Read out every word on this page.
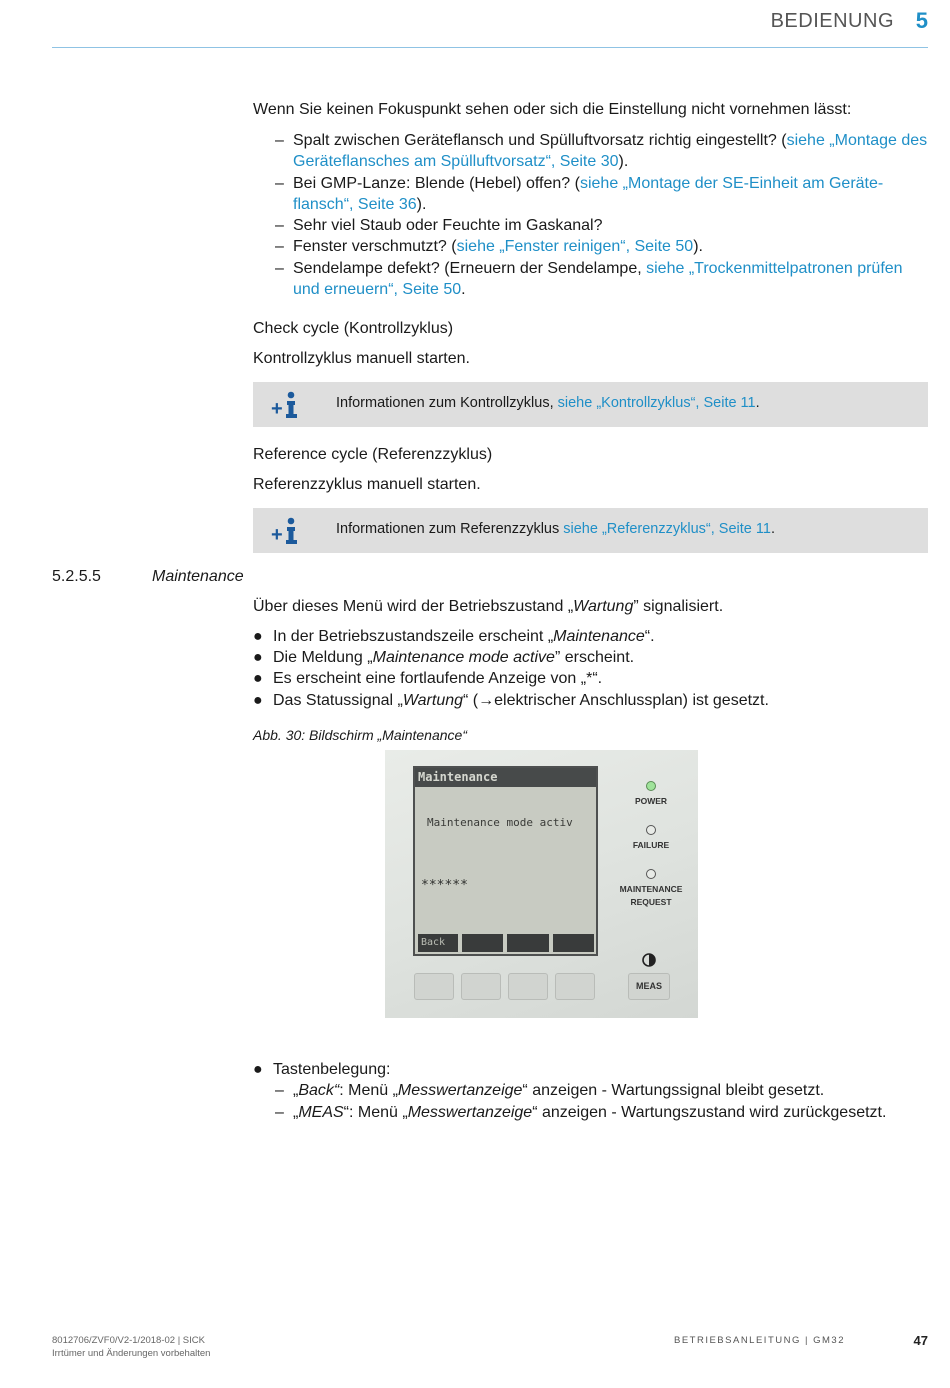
BEDIENUNG 5
Wenn Sie keinen Fokuspunkt sehen oder sich die Einstellung nicht vornehmen lässt:
– Spalt zwischen Geräteflansch und Spülluftvorsatz richtig eingestellt? (siehe „Montage des Geräteflansches am Spülluftvorsatz“, Seite 30).
– Bei GMP-Lanze: Blende (Hebel) offen? (siehe „Montage der SE-Einheit am Geräteflansch“, Seite 36).
– Sehr viel Staub oder Feuchte im Gaskanal?
– Fenster verschmutzt? (siehe „Fenster reinigen“, Seite 50).
– Sendelampe defekt? (Erneuern der Sendelampe, siehe „Trockenmittelpatronen prüfen und erneuern“, Seite 50.
Check cycle (Kontrollzyklus)
Kontrollzyklus manuell starten.
+	Informationen zum Kontrollzyklus, siehe „Kontrollzyklus“, Seite 11.
Reference cycle (Referenzzyklus)
Referenzzyklus manuell starten.
+	Informationen zum Referenzzyklus siehe „Referenzzyklus“, Seite 11.
5.2.5.5	Maintenance
Über dieses Menü wird der Betriebszustand „Wartung” signalisiert.
● In der Betriebszustandszeile erscheint „Maintenance“.
● Die Meldung „Maintenance mode active” erscheint.
● Es erscheint eine fortlaufende Anzeige von „*“.
● Das Statussignal „Wartung“ (→elektrischer Anschlussplan) ist gesetzt.
Abb. 30: Bildschirm „Maintenance“
Maintenance
Maintenance mode activ
******
Back
POWER
FAILURE
MAINTENANCE
REQUEST
MEAS
● Tastenbelegung:
– „Back“: Menü „Messwertanzeige“ anzeigen - Wartungssignal bleibt gesetzt.
– „MEAS“: Menü „Messwertanzeige“ anzeigen - Wartungszustand wird zurückgesetzt.
8012706/ZVF0/V2-1/2018-02 | SICK
Irrtümer und Änderungen vorbehalten
BETRIEBSANLEITUNG | GM32	47
